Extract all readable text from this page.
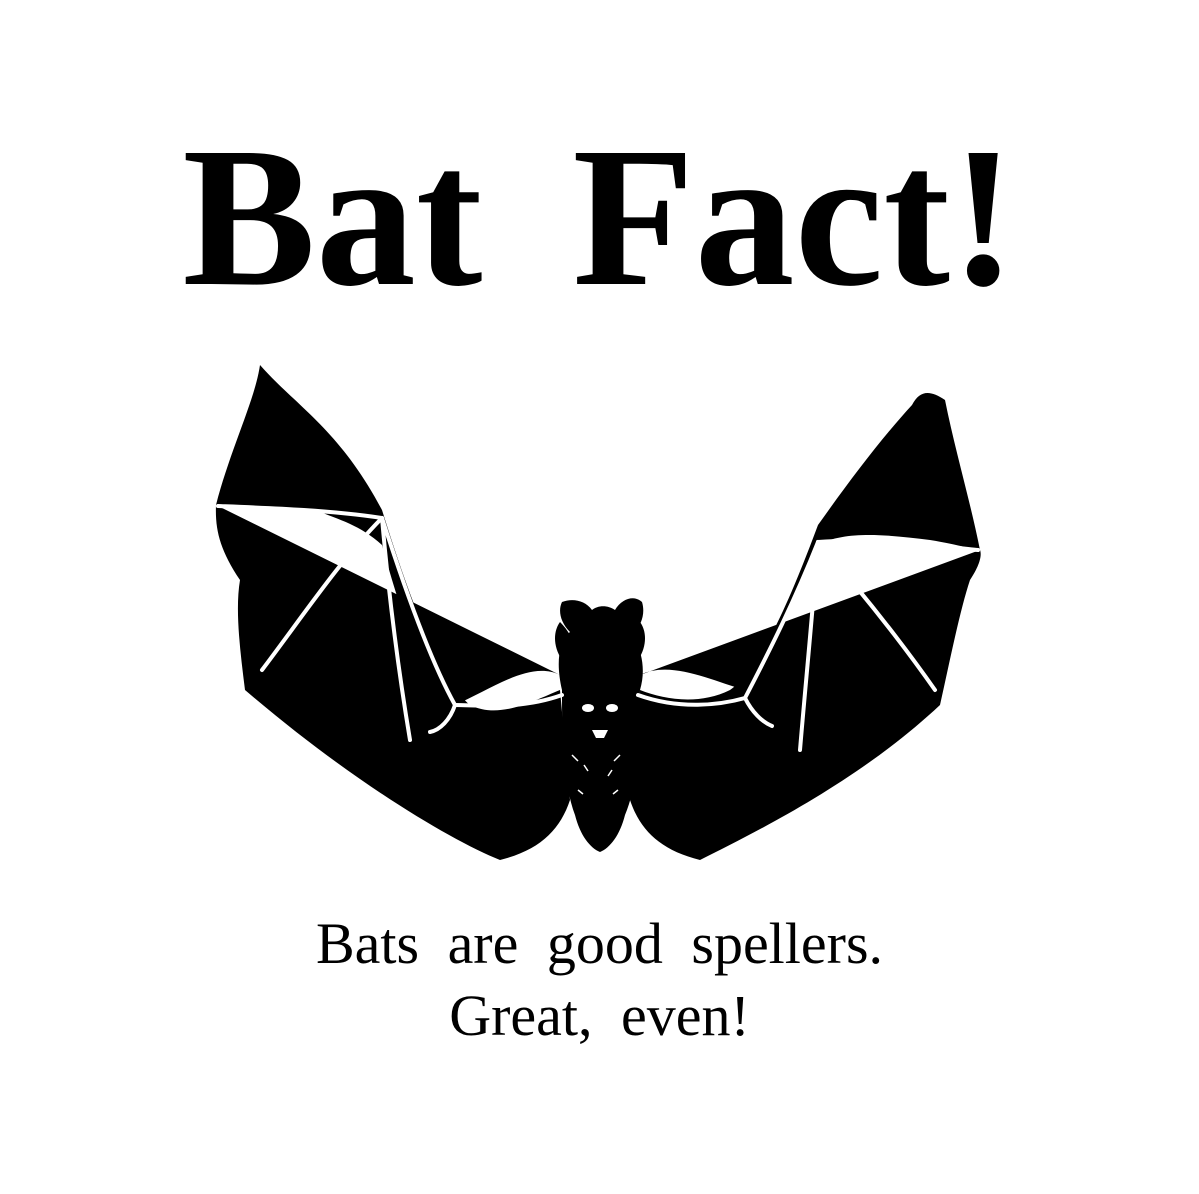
Bat Fact!
Bats are good spellers.
Great, even!
